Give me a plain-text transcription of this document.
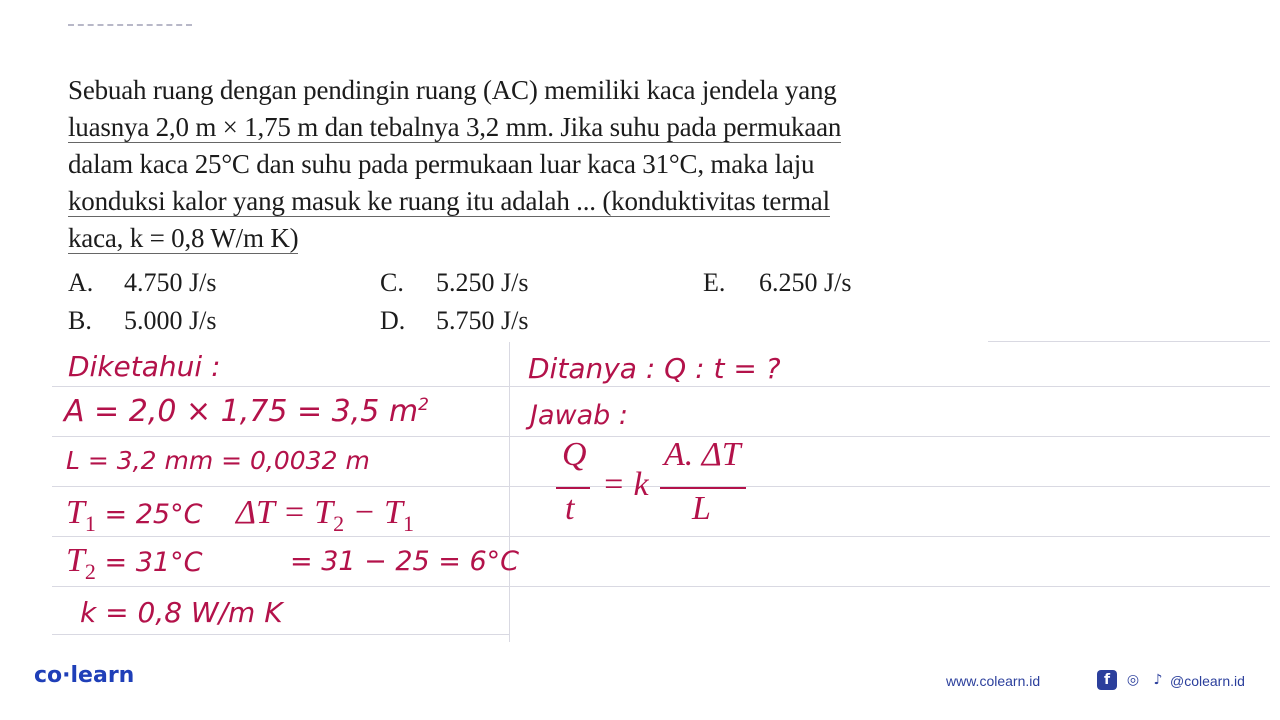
Sebuah ruang dengan pendingin ruang (AC) memiliki kaca jendela yang
luasnya 2,0 m × 1,75 m dan tebalnya 3,2 mm. Jika suhu pada permukaan
dalam kaca 25°C dan suhu pada permukaan luar kaca 31°C, maka laju
konduksi kalor yang masuk ke ruang itu adalah ... (konduktivitas termal
kaca, k = 0,8 W/m K)
A. 4.750 J/s
B. 5.000 J/s
C. 5.250 J/s
D. 5.750 J/s
E. 6.250 J/s
Diketahui :
A = 2,0 × 1,75 = 3,5 $m^2$
L = 3,2 mm = 0,0032 m
$T_1 = 25^\circ C$ $\Delta T = T_2 - T_1$
$T_2 = 31^\circ C$	= 31 − 25 = 6°C
k = 0,8 W/m K
Ditanya : Q : t = ?
Jawab :
Q
t
= k
A. ΔT
L
co·learn	www.colearn.id	f	◎	♪ @colearn.id
